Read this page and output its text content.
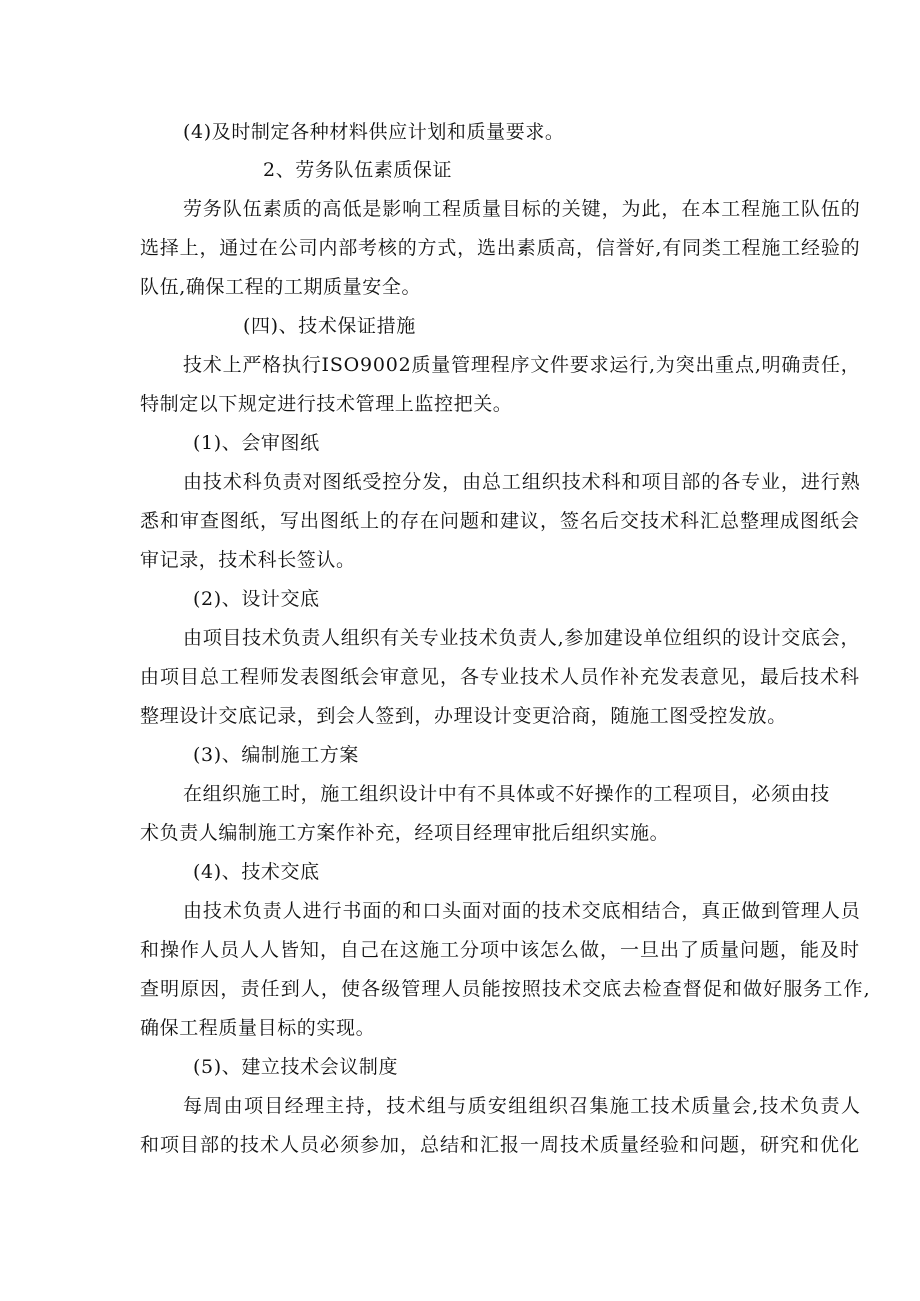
(4)及时制定各种材料供应计划和质量要求。
2、劳务队伍素质保证
劳务队伍素质的高低是影响工程质量目标的关键，为此，在本工程施工队伍的
选择上，通过在公司内部考核的方式，选出素质高，信誉好,有同类工程施工经验的
队伍,确保工程的工期质量安全。
(四)、技术保证措施
技术上严格执行ISO9002质量管理程序文件要求运行,为突出重点,明确责任，
特制定以下规定进行技术管理上监控把关。
(1)、会审图纸
由技术科负责对图纸受控分发，由总工组织技术科和项目部的各专业，进行熟
悉和审查图纸，写出图纸上的存在问题和建议，签名后交技术科汇总整理成图纸会
审记录，技术科长签认。
(2)、设计交底
由项目技术负责人组织有关专业技术负责人,参加建设单位组织的设计交底会，
由项目总工程师发表图纸会审意见，各专业技术人员作补充发表意见，最后技术科
整理设计交底记录，到会人签到，办理设计变更洽商，随施工图受控发放。
(3)、编制施工方案
在组织施工时，施工组织设计中有不具体或不好操作的工程项目，必须由技
术负责人编制施工方案作补充，经项目经理审批后组织实施。
(4)、技术交底
由技术负责人进行书面的和口头面对面的技术交底相结合，真正做到管理人员
和操作人员人人皆知，自己在这施工分项中该怎么做，一旦出了质量问题，能及时
查明原因，责任到人，使各级管理人员能按照技术交底去检查督促和做好服务工作,
确保工程质量目标的实现。
(5)、建立技术会议制度
每周由项目经理主持，技术组与质安组组织召集施工技术质量会,技术负责人
和项目部的技术人员必须参加，总结和汇报一周技术质量经验和问题，研究和优化
